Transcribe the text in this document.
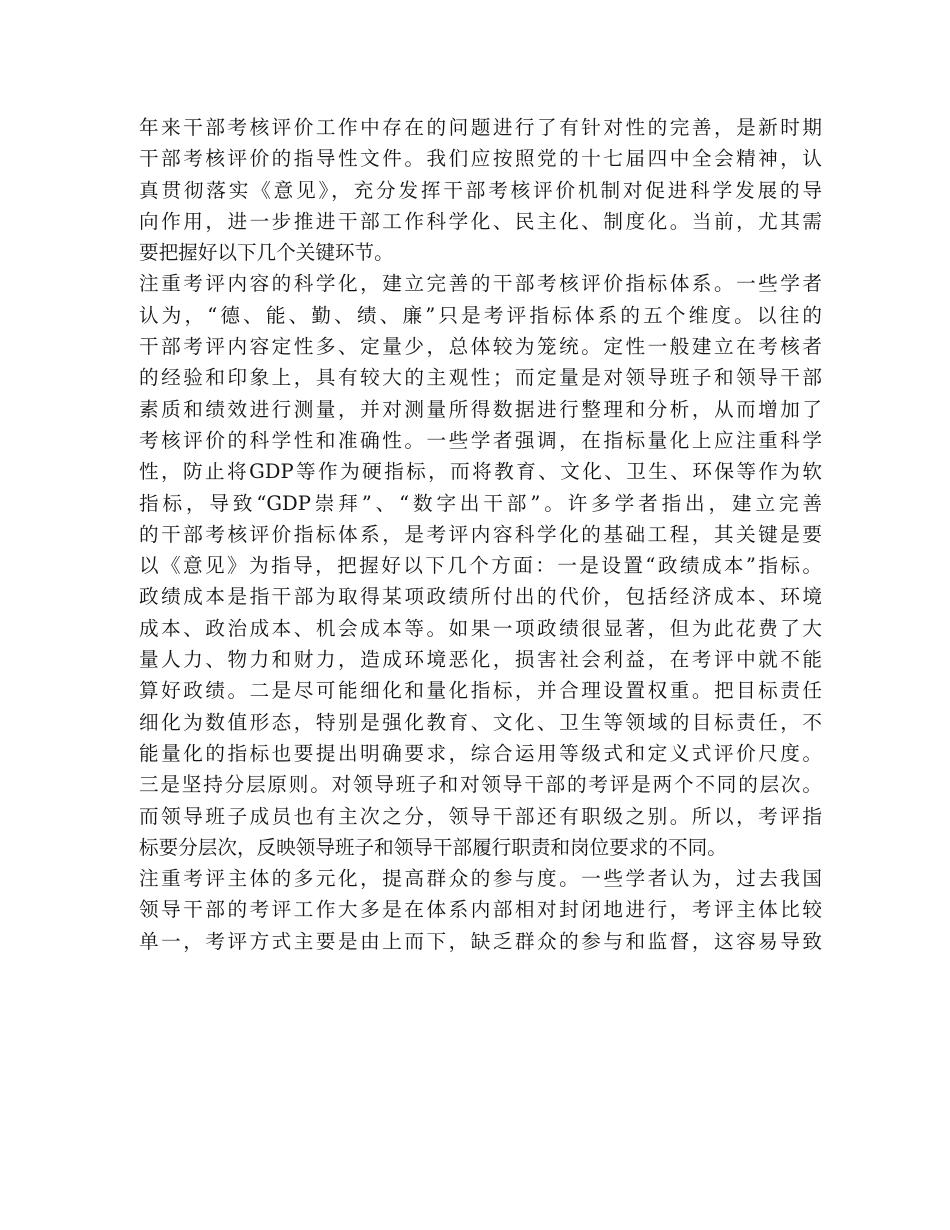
年来干部考核评价工作中存在的问题进行了有针对性的完善，是新时期
干部考核评价的指导性文件。我们应按照党的十七届四中全会精神，认
真贯彻落实《意见》，充分发挥干部考核评价机制对促进科学发展的导
向作用，进一步推进干部工作科学化、民主化、制度化。当前，尤其需
要把握好以下几个关键环节。
注重考评内容的科学化，建立完善的干部考核评价指标体系。一些学者
认为，“德、能、勤、绩、廉”只是考评指标体系的五个维度。以往的
干部考评内容定性多、定量少，总体较为笼统。定性一般建立在考核者
的经验和印象上，具有较大的主观性；而定量是对领导班子和领导干部
素质和绩效进行测量，并对测量所得数据进行整理和分析，从而增加了
考核评价的科学性和准确性。一些学者强调，在指标量化上应注重科学
性，防止将GDP等作为硬指标，而将教育、文化、卫生、环保等作为软
指标，导致“GDP崇拜”、“数字出干部”。许多学者指出，建立完善
的干部考核评价指标体系，是考评内容科学化的基础工程，其关键是要
以《意见》为指导，把握好以下几个方面：一是设置“政绩成本”指标。
政绩成本是指干部为取得某项政绩所付出的代价，包括经济成本、环境
成本、政治成本、机会成本等。如果一项政绩很显著，但为此花费了大
量人力、物力和财力，造成环境恶化，损害社会利益，在考评中就不能
算好政绩。二是尽可能细化和量化指标，并合理设置权重。把目标责任
细化为数值形态，特别是强化教育、文化、卫生等领域的目标责任，不
能量化的指标也要提出明确要求，综合运用等级式和定义式评价尺度。
三是坚持分层原则。对领导班子和对领导干部的考评是两个不同的层次。
而领导班子成员也有主次之分，领导干部还有职级之别。所以，考评指
标要分层次，反映领导班子和领导干部履行职责和岗位要求的不同。
注重考评主体的多元化，提高群众的参与度。一些学者认为，过去我国
领导干部的考评工作大多是在体系内部相对封闭地进行，考评主体比较
单一，考评方式主要是由上而下，缺乏群众的参与和监督，这容易导致
